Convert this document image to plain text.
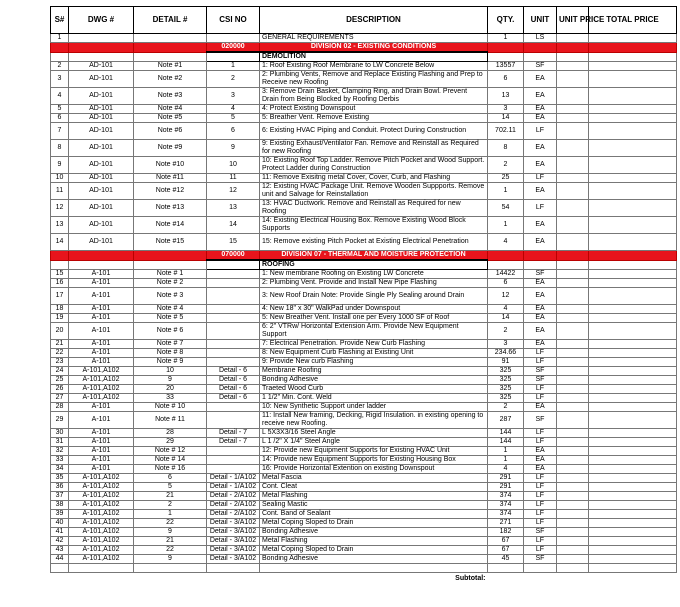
S#	DWG #	DETAIL #	CSI NO	DESCRIPTION	QTY.	UNIT	UNIT PRICE	TOTAL PRICE
1				GENERAL REQUIREMENTS	1	LS		
			020000	DIVISION 02 - EXISTING CONDITIONS				
				DEMOLITION				
2	AD-101	Note #1	1	1: Roof Existing Roof Membrane to LW Concrete Below	13557	SF		
3	AD-101	Note #2	2	2: Plumbing Vents, Remove and Replace Existing Flashing and Prep to Receive new Roofing	6	EA		
4	AD-101	Note #3	3	3: Remove Drain Basket, Clamping Ring, and Drain Bowl. Prevent Drain from Being Blocked by Roofing Derbis	13	EA		
5	AD-101	Note #4	4	4: Protect Existing Downspout	3	EA		
6	AD-101	Note #5	5	5: Breather Vent. Remove Existing	14	EA		
7	AD-101	Note #6	6	6: Existing HVAC Piping and Conduit. Protect During Construction	702.11	LF		
8	AD-101	Note #9	9	9: Existing Exhaust/Ventilator Fan. Remove and Reinstall as Required for new Roofing	8	EA		
9	AD-101	Note #10	10	10: Existing Roof Top Ladder. Remove Pitch Pocket and Wood Support. Protect Ladder during Construction	2	EA		
10	AD-101	Note #11	11	11: Remove Exisitng metal Cover, Cover, Curb, and Flashing	25	LF		
11	AD-101	Note #12	12	12: Existing HVAC Package Unit. Remove Wooden Suppports. Remove unit and Salvage for Reinstallation	1	EA		
12	AD-101	Note #13	13	13: HVAC Ductwork. Remove and Reinstall as Required for new Roofing	54	LF		
13	AD-101	Note #14	14	14: Existing Electrical Housing Box. Remove Existing Wood Block Supports	1	EA		
14	AD-101	Note #15	15	15: Remove existing Pitch Pocket at Existing Electrical Penetration	4	EA		
			070000	DIVISION 07 - THERMAL AND MOISTURE PROTECTION				
				ROOFING				
15	A-101	Note # 1		1: New membrane Roofing on Existing LW Concrete	14422	SF		
16	A-101	Note # 2		2: Plumbing Vent. Provide and Install New Pipe Flashing	6	EA		
17	A-101	Note # 3		3: New Roof Drain Note: Provide Single Ply Sealing around Drain	12	EA		
18	A-101	Note # 4		4: New 18" x 30" WalkPad under Downspout	4	EA		
19	A-101	Note # 5		5: New Breather Vent. Install one per Every 1000 SF of Roof	14	EA		
20	A-101	Note # 6		6: 2" VTRw/ Horizontal Extension Arm. Provide New Equipment Support	2	EA		
21	A-101	Note # 7		7: Electrical Penetration. Provide New Curb Flashing	3	EA		
22	A-101	Note # 8		8: New Equipment Curb Flashing at Existing Unit	234.66	LF		
23	A-101	Note # 9		9: Provide New curb Flashing	91	LF		
24	A-101,A102	10	Detail - 6	Membrane Roofing	325	SF		
25	A-101,A102	9	Detail - 6	Bonding Adhesive	325	SF		
26	A-101,A102	20	Detail - 6	Traeted Wood Curb	325	LF		
27	A-101,A102	33	Detail - 6	1 1/2" Min. Cont. Weld	325	LF		
28	A-101	Note # 10		10: New Synthetic Support under ladder	2	EA		
29	A-101	Note # 11		11: Install New framing, Decking, Rigid Insulation. in existing opening to receive new Roofing.	287	SF		
30	A-101	28	Detail - 7	L 5X3X3/16 Steel Angle	144	LF		
31	A-101	29	Detail - 7	L 1 /2" X 1/4" Steel Angle	144	LF		
32	A-101	Note # 12		12: Provide new Equipment Supports for Existing HVAC Unit	1	EA		
33	A-101	Note # 14		14: Provide new Equipment Supports for Existing Housing Box	1	EA		
34	A-101	Note # 16		16: Provide Horizontal Extention on existing Downspout	4	EA		
35	A-101,A102	6	Detail - 1/A102	Metal Fascia	291	LF		
36	A-101,A102	5	Detail - 1/A102	Cont. Cleat	291	LF		
37	A-101,A102	21	Detail - 2/A102	Metal Flashing	374	LF		
38	A-101,A102	2	Detail - 2/A102	Sealing Mastic	374	LF		
39	A-101,A102	1	Detail - 2/A102	Cont. Band of Sealant	374	LF		
40	A-101,A102	22	Detail - 3/A102	Metal Coping Sloped to Drain	271	LF		
41	A-101,A102	9	Detail - 3/A102	Bonding Adhesive	182	SF		
42	A-101,A102	21	Detail - 3/A102	Metal Flashing	67	LF		
43	A-101,A102	22	Detail - 3/A102	Metal Coping Sloped to Drain	67	LF		
44	A-101,A102	9	Detail - 3/A102	Bonding Adhesive	45	SF		

Subtotal:								
